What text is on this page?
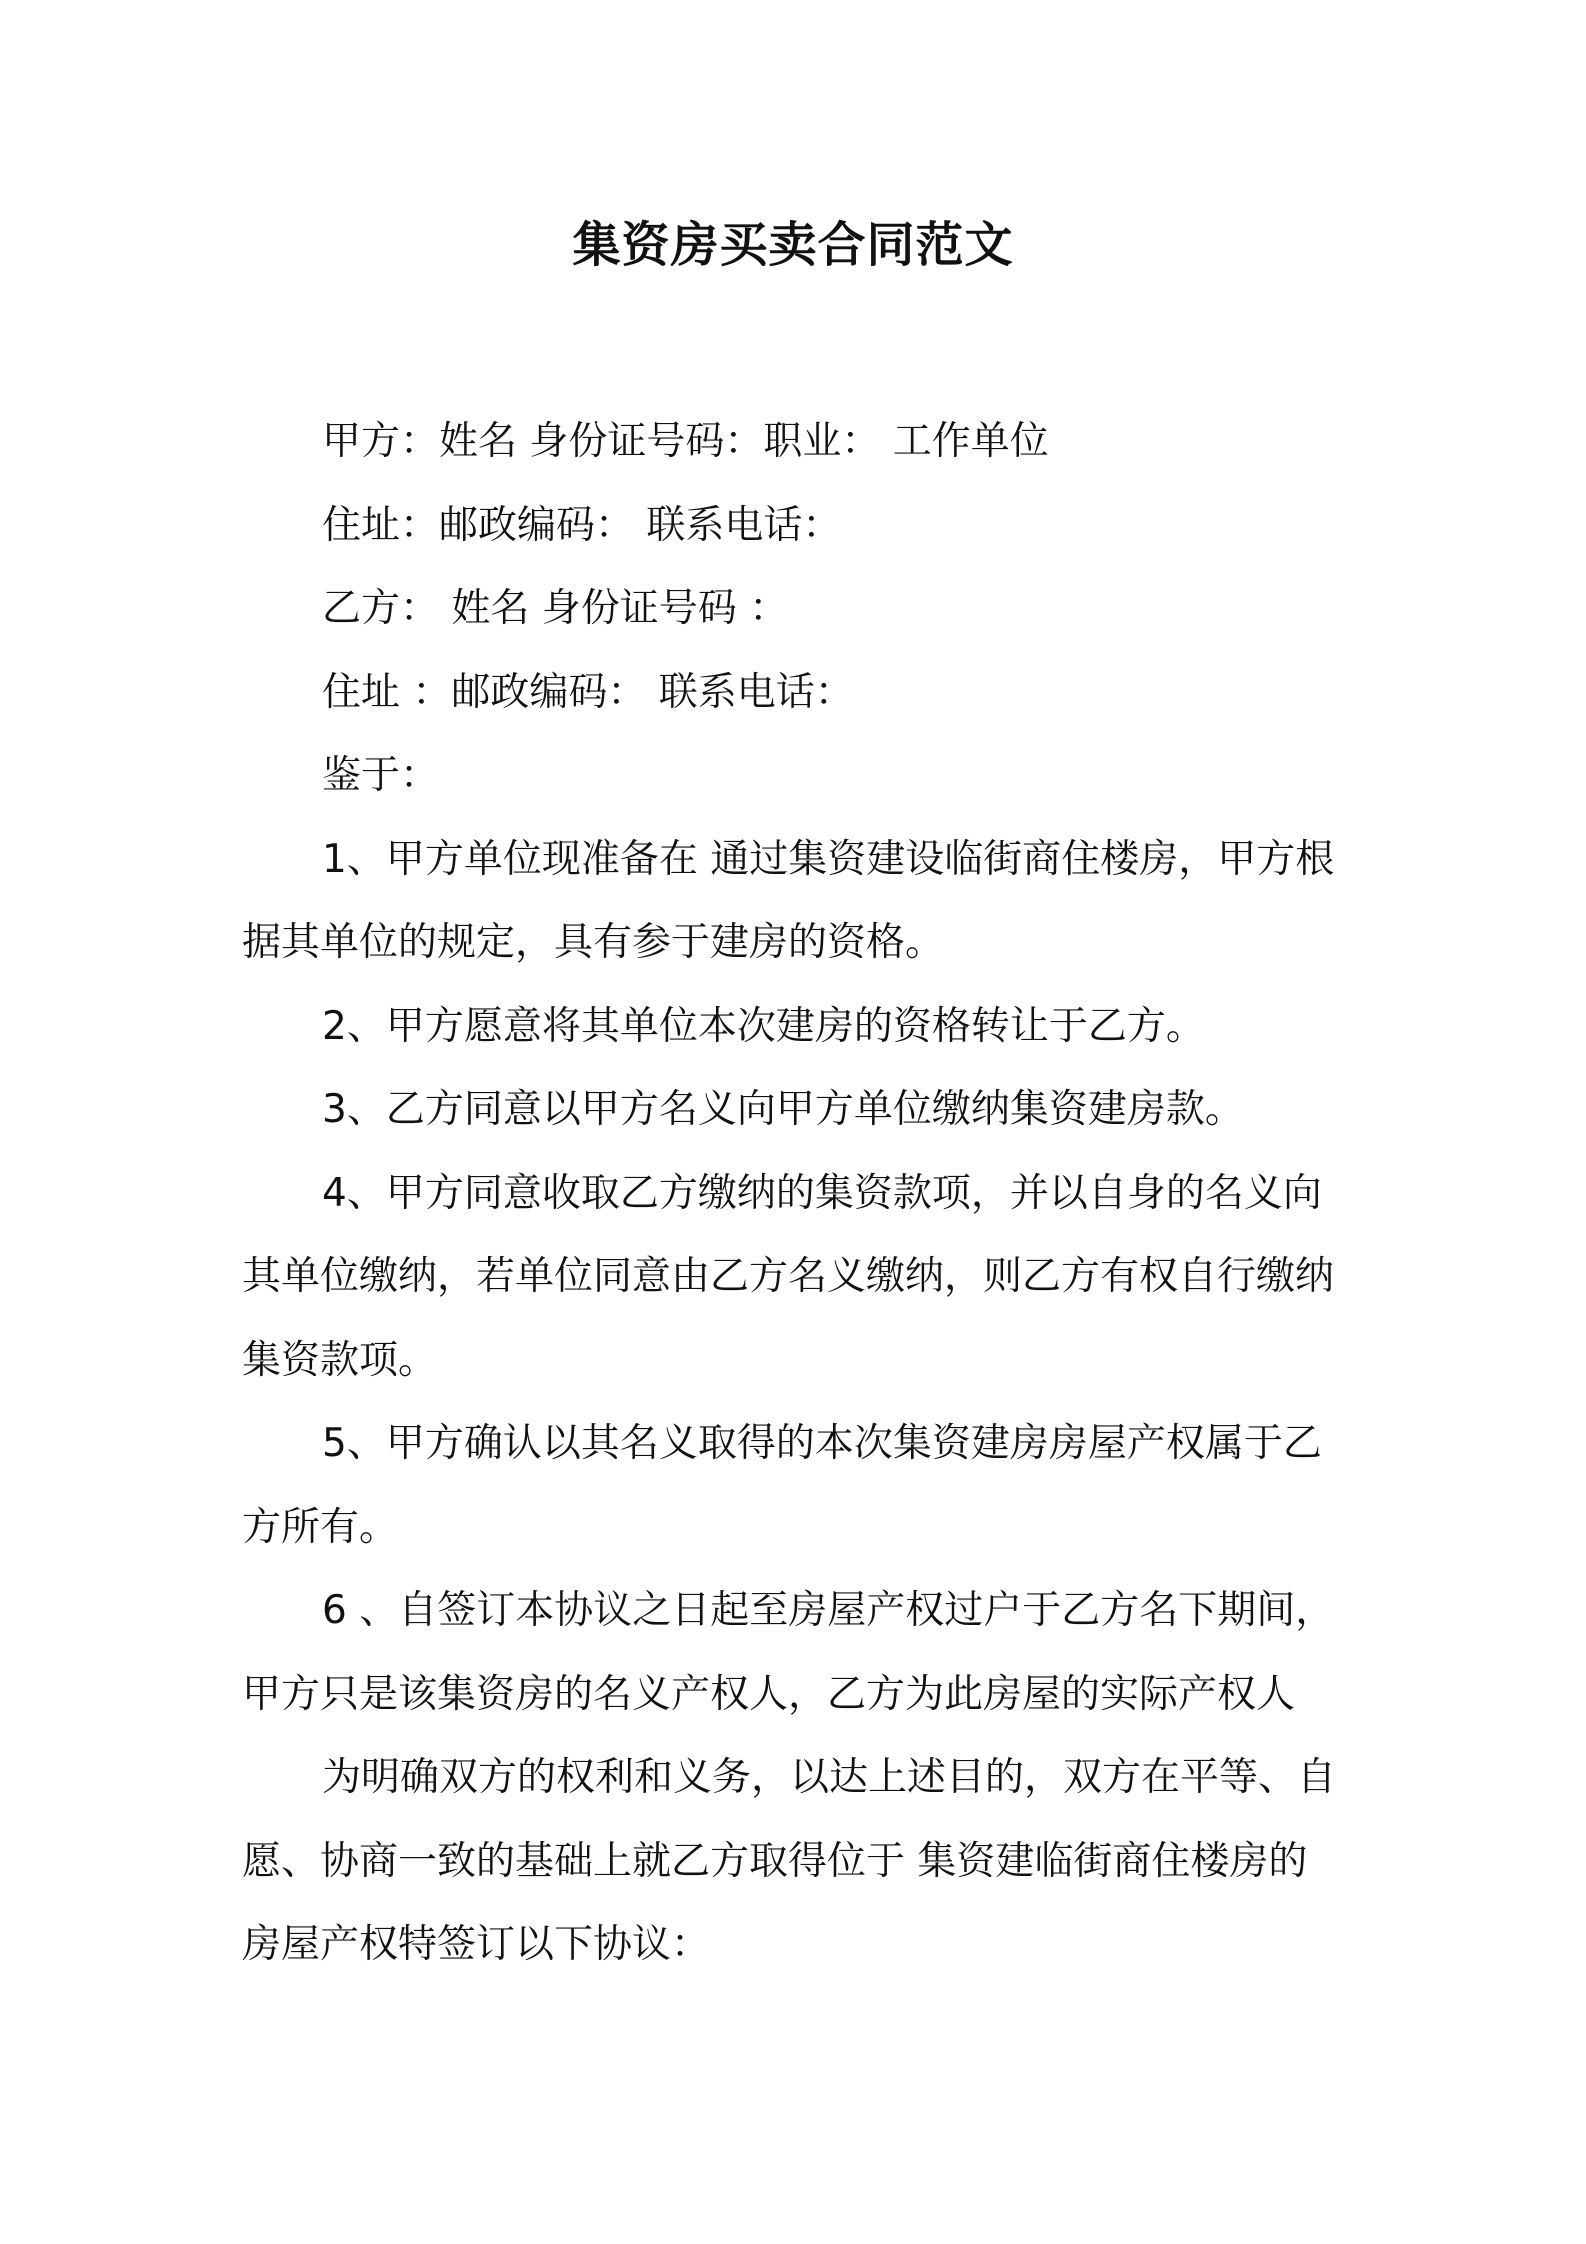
集资房买卖合同范文
甲方：姓名 身份证号码：职业： 工作单位
住址：邮政编码： 联系电话：
乙方： 姓名 身份证号码 ：
住址 ：邮政编码： 联系电话：
鉴于：
1、甲方单位现准备在 通过集资建设临街商住楼房，甲方根
据其单位的规定，具有参于建房的资格。
2、甲方愿意将其单位本次建房的资格转让于乙方。
3、乙方同意以甲方名义向甲方单位缴纳集资建房款。
4、甲方同意收取乙方缴纳的集资款项，并以自身的名义向
其单位缴纳，若单位同意由乙方名义缴纳，则乙方有权自行缴纳
集资款项。
5、甲方确认以其名义取得的本次集资建房房屋产权属于乙
方所有。
6 、自签订本协议之日起至房屋产权过户于乙方名下期间，
甲方只是该集资房的名义产权人，乙方为此房屋的实际产权人
为明确双方的权利和义务，以达上述目的，双方在平等、自
愿、协商一致的基础上就乙方取得位于 集资建临街商住楼房的
房屋产权特签订以下协议：
